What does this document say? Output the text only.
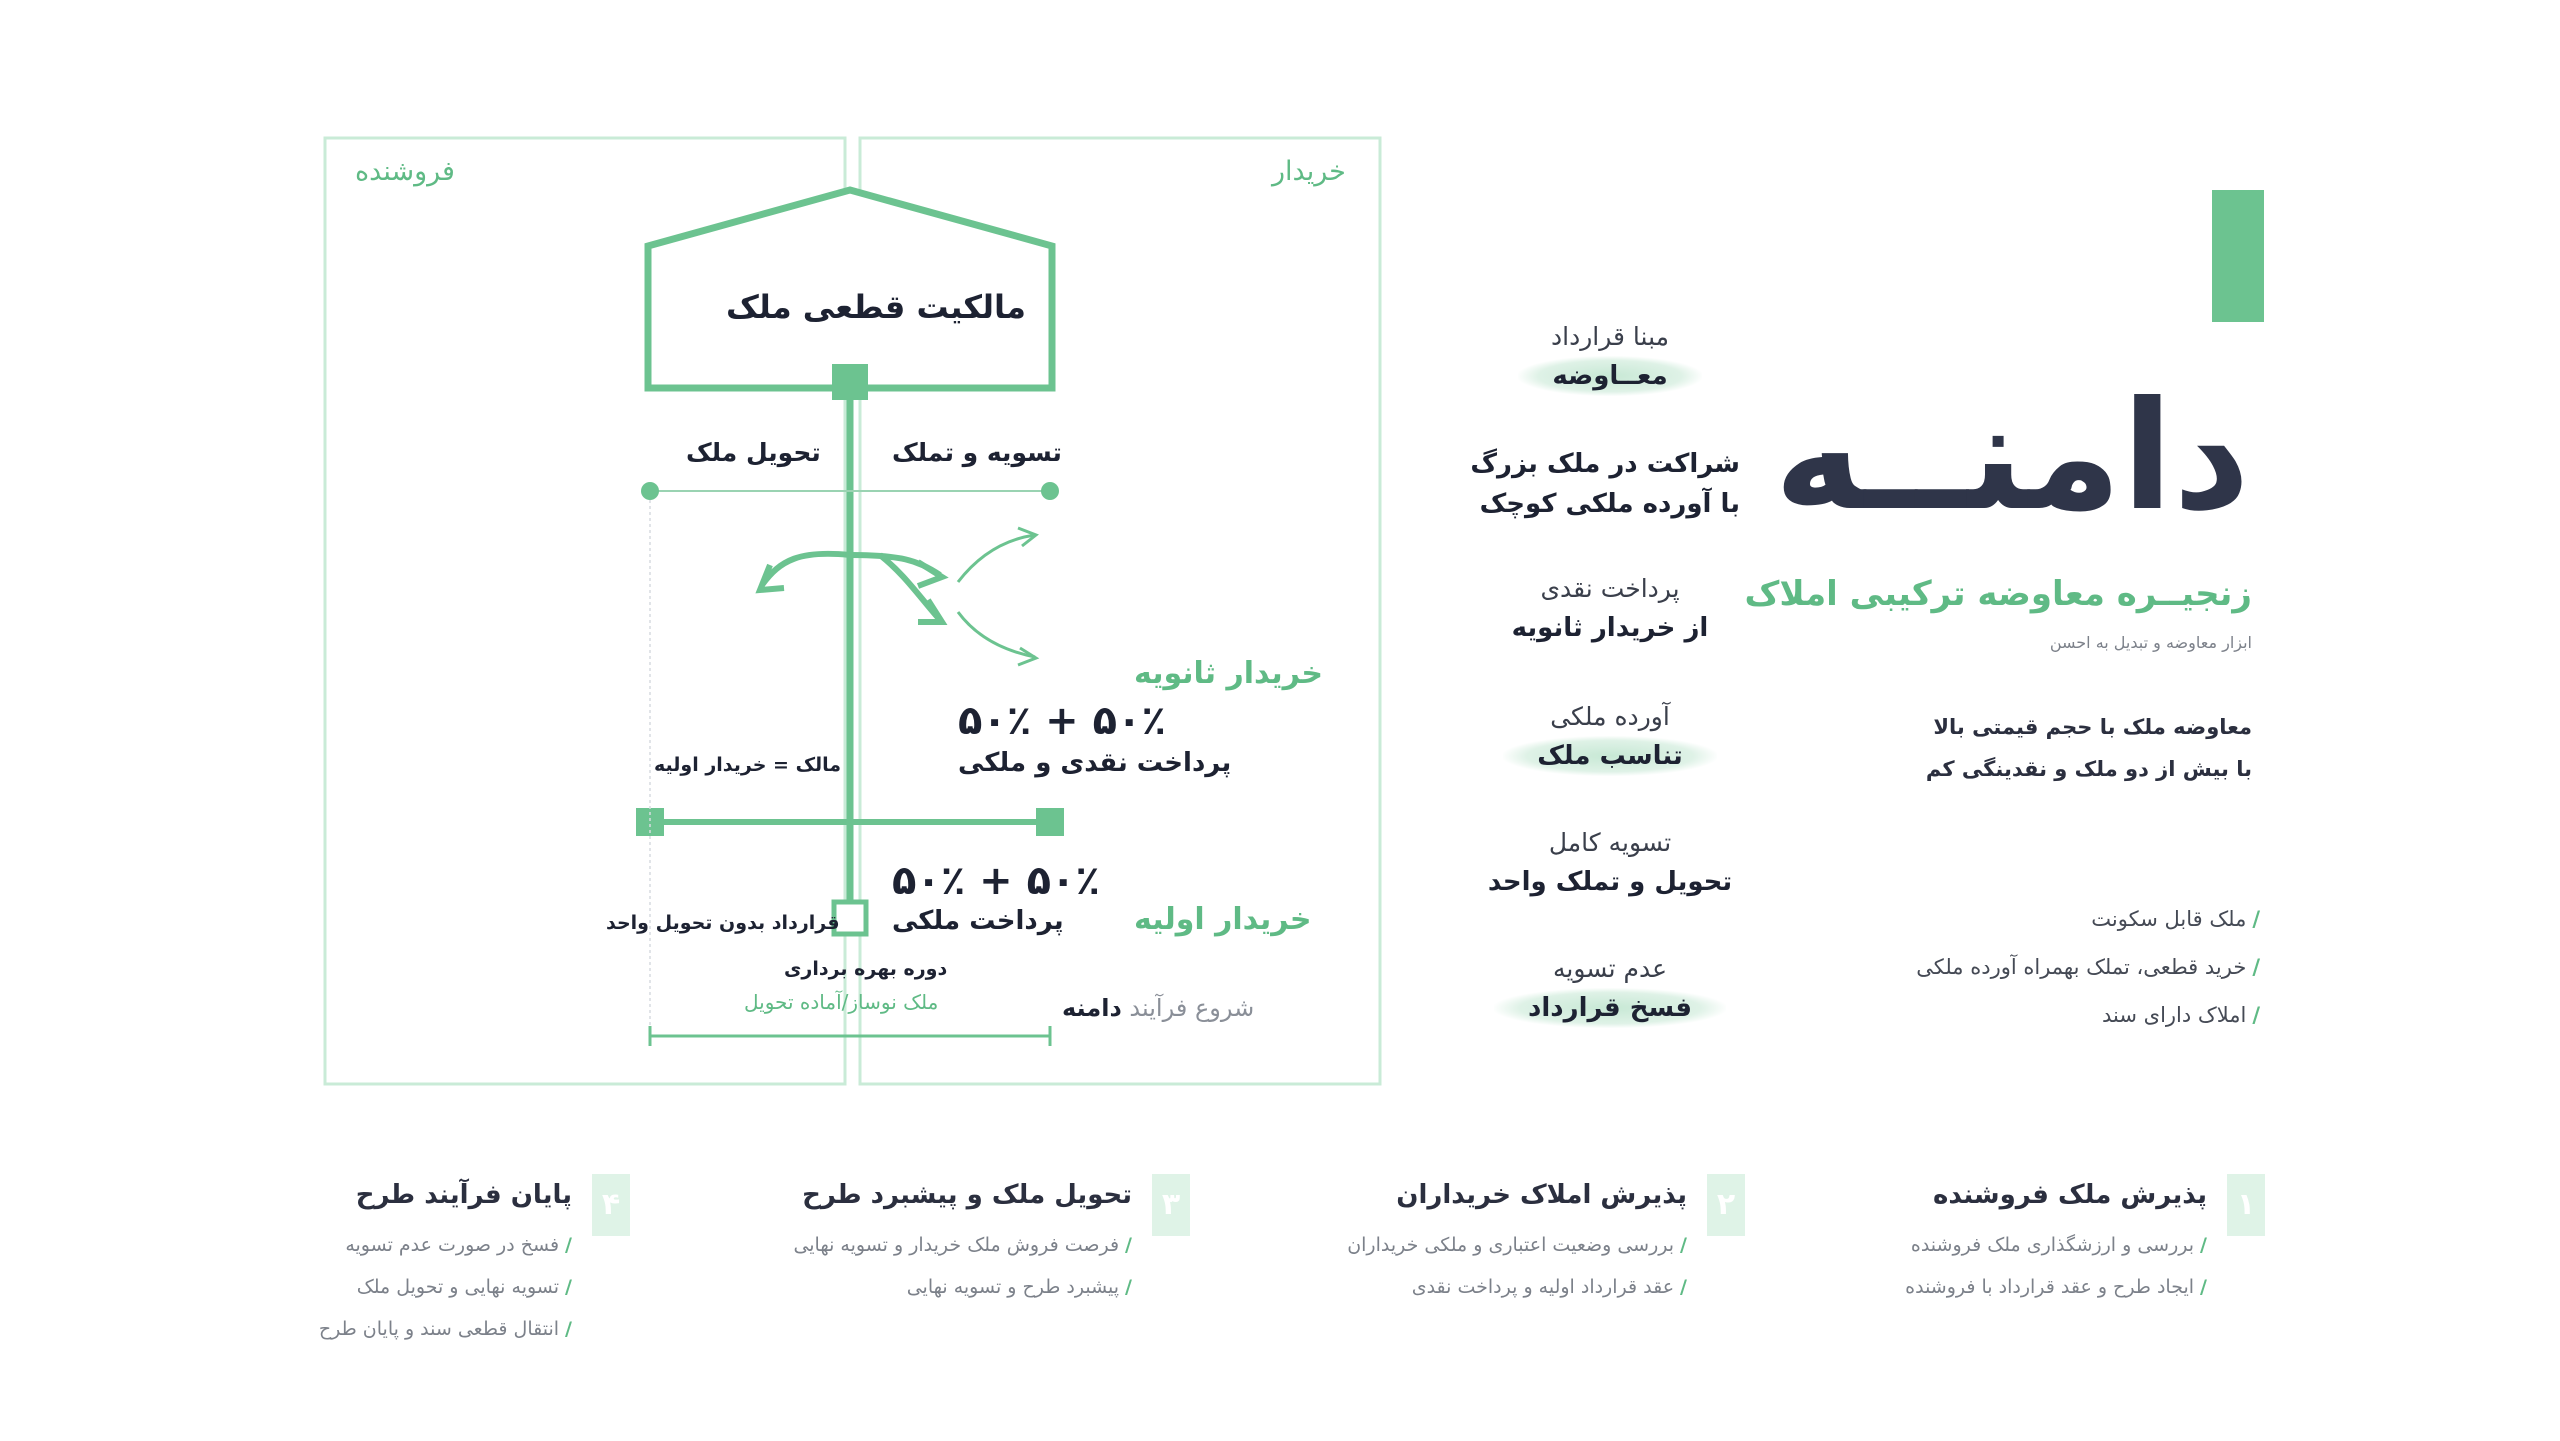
دامنــه
زنجیــره معاوضه ترکیبی املاک
ابزار معاوضه و تبدیل به احسن
معاوضه ملک با حجم قیمتی بالا
با بیش از دو ملک و نقدینگی کم
/ملک قابل سکونت
/خرید قطعی، تملک بهمراه آورده ملکی
/املاک دارای سند
مبنا قرارداد
معــاوضه
شراکت در ملک بزرگ
با آورده ملکی کوچک
پرداخت نقدی
از خریدار ثانویه
آورده ملکی
تناسب ملک
تسویه کامل
تحویل و تملک واحد
عدم تسویه
فسخ قرارداد
خریدار
فروشنده
مالکیت قطعی ملک
تسویه و تملک
تحویل ملک
خریدار ثانویه
۵۰٪ + ۵۰٪
پرداخت نقدی و ملکی
مالک = خریدار اولیه
خریدار اولیه
۵۰٪ + ۵۰٪
پرداخت ملکی
قرارداد بدون تحویل واحد
دوره بهره برداری
ملک نوساز/آماده تحویل	شروع فرآیند دامنه
۱
پذیرش ملک فروشنده
/بررسی و ارزشگذاری ملک فروشنده
/ایجاد طرح و عقد قرارداد با فروشنده
۲
پذیرش املاک خریداران
/بررسی وضعیت اعتباری و ملکی خریداران
/عقد قرارداد اولیه و پرداخت نقدی
۳
تحویل ملک و پیشبرد طرح
/فرصت فروش ملک خریدار و تسویه نهایی
/پیشبرد طرح و تسویه نهایی
۴
پایان فرآیند طرح
/فسخ در صورت عدم تسویه
/تسویه نهایی و تحویل ملک
/انتقال قطعی سند و پایان طرح
